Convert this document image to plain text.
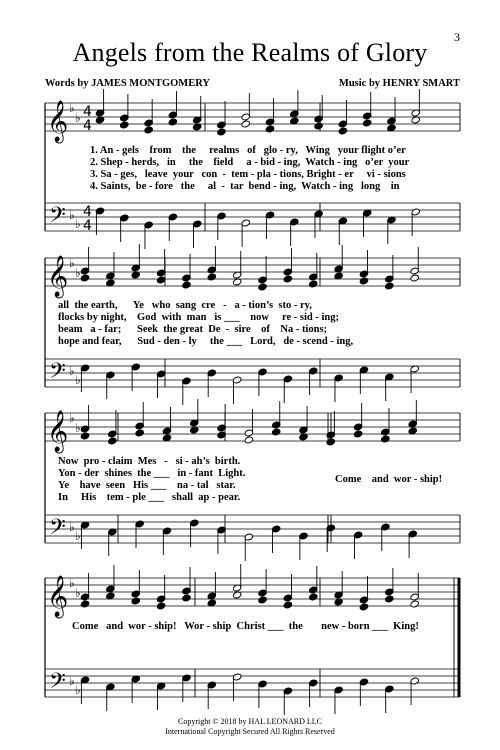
3
Angels from the Realms of Glory
Words by JAMES MONTGOMERY	Music by HENRY SMART
𝄞
𝄢
♭
♭
♭
♭
4
4
4
4
𝄞
𝄢
♭
♭
♭
♭
𝄞
𝄢
♭
♭
♭
♭
𝄞
𝄢
♭
♭
♭
♭
1. An - gels    from    the     realms   of   glo - ry,   Wing   your flight o’er
2. Shep - herds,   in     the    field     a - bid - ing,  Watch - ing   o’er  your
3. Sa - ges,   leave  your   con  -  tem - pla - tions, Bright - er     vi - sions
4. Saints,  be - fore   the     al  -  tar  bend - ing,  Watch - ing   long    in
all  the earth,      Ye   who  sang  cre   -   a - tion’s  sto - ry,
flocks by night,    God  with  man   is ___    now     re - sid - ing;
beam   a - far;      Seek  the great  De  -  sire    of    Na - tions;
hope and fear,      Sud - den - ly     the ___   Lord,   de - scend - ing,
Now  pro - claim  Mes   -   si - ah’s  birth.
Yon - der  shines  the ___   in - fant  Light.
Ye    have  seen   His ___    na - tal   star.
In     His    tem - ple ___   shall  ap - pear.
Come    and  wor - ship!
Come   and  wor - ship!   Wor - ship  Christ ___  the       new - born ___  King!
Copyright © 2018 by HAL LEONARD LLC
International Copyright Secured All Rights Reserved
